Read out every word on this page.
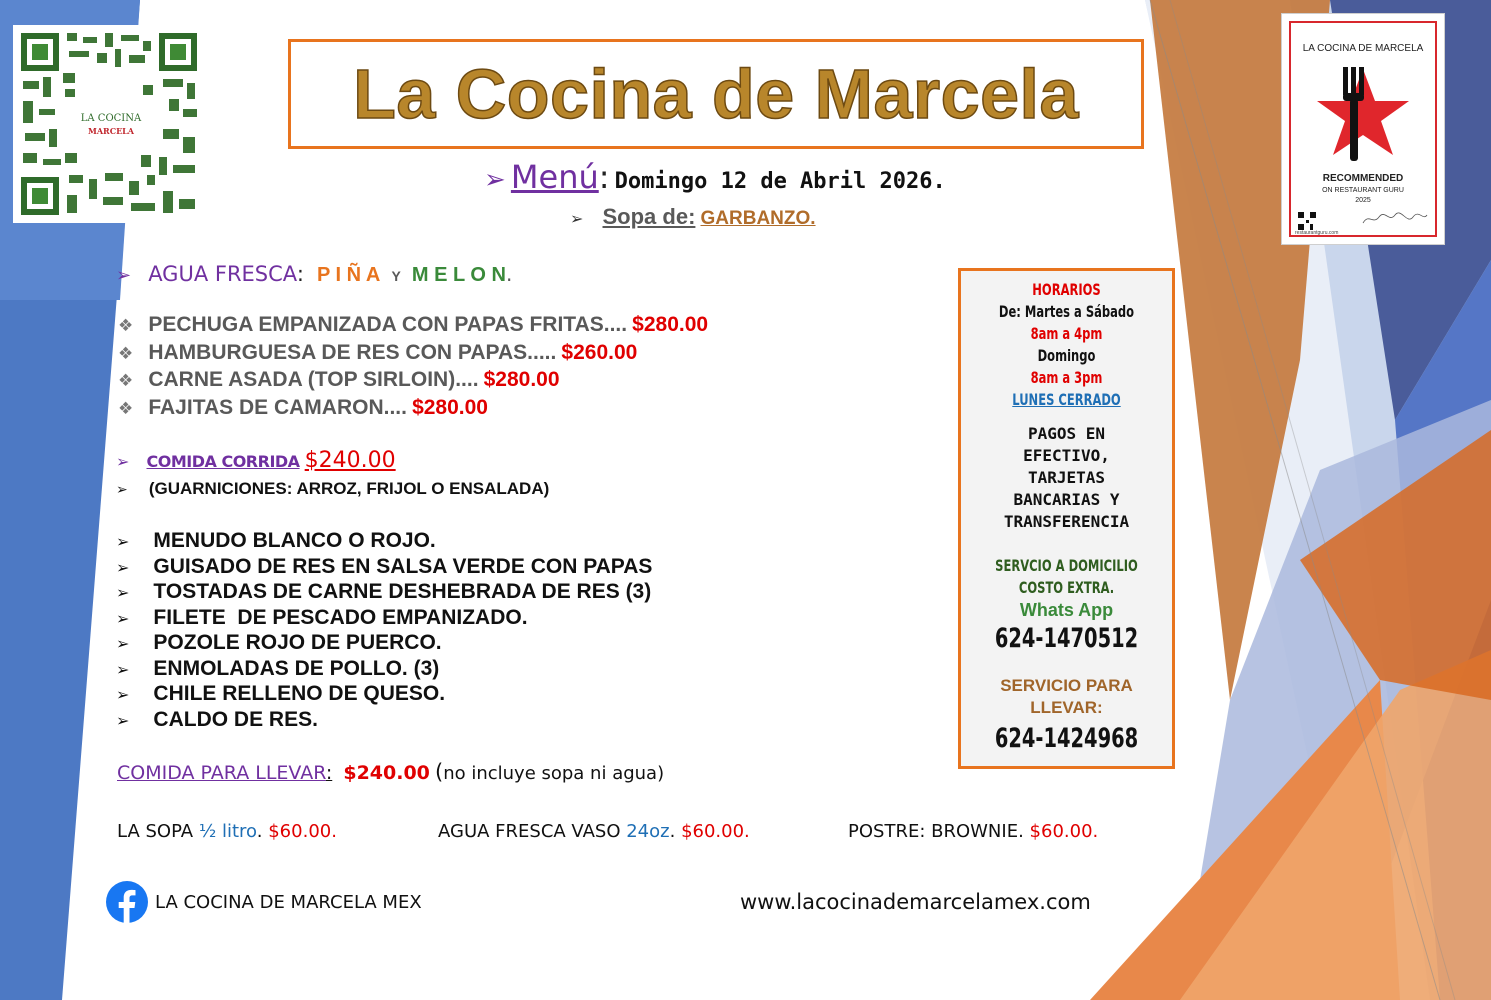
LA COCINA
MARCELA	La Cocina de Marcela
LA COCINA DE MARCELA
RECOMMENDED
ON RESTAURANT GURU
2025
restaurantguru.com
➢ Menú: Domingo 12 de Abril 2026.
➢ Sopa de: GARBANZO.
➢ AGUA FRESCA: P I Ñ A Y M E L O N.
❖ PECHUGA EMPANIZADA CON PAPAS FRITAS.... $280.00
❖ HAMBURGUESA DE RES CON PAPAS..... $260.00
❖ CARNE ASADA (TOP SIRLOIN).... $280.00
❖ FAJITAS DE CAMARON.... $280.00
➢ COMIDA CORRIDA $240.00
➢ (GUARNICIONES: ARROZ, FRIJOL O ENSALADA)
➢ MENUDO BLANCO O ROJO.
➢ GUISADO DE RES EN SALSA VERDE CON PAPAS
➢ TOSTADAS DE CARNE DESHEBRADA DE RES (3)
➢ FILETE  DE PESCADO EMPANIZADO.
➢ POZOLE ROJO DE PUERCO.
➢ ENMOLADAS DE POLLO. (3)
➢ CHILE RELLENO DE QUESO.
➢ CALDO DE RES.
COMIDA PARA LLEVAR: $240.00 (no incluye sopa ni agua)
LA SOPA ½ litro. $60.00.	AGUA FRESCA VASO 24oz. $60.00.	POSTRE: BROWNIE. $60.00.
LA COCINA DE MARCELA MEX	www.lacocinademarcelamex.com
HORARIOS
De: Martes a Sábado
8am a 4pm
Domingo
8am a 3pm
LUNES CERRADO
PAGOS EN
EFECTIVO,
TARJETAS
BANCARIAS Y
TRANSFERENCIA
SERVCIO A DOMICILIO
COSTO EXTRA.
Whats App
624-1470512
SERVICIO PARA
LLEVAR:
624-1424968
